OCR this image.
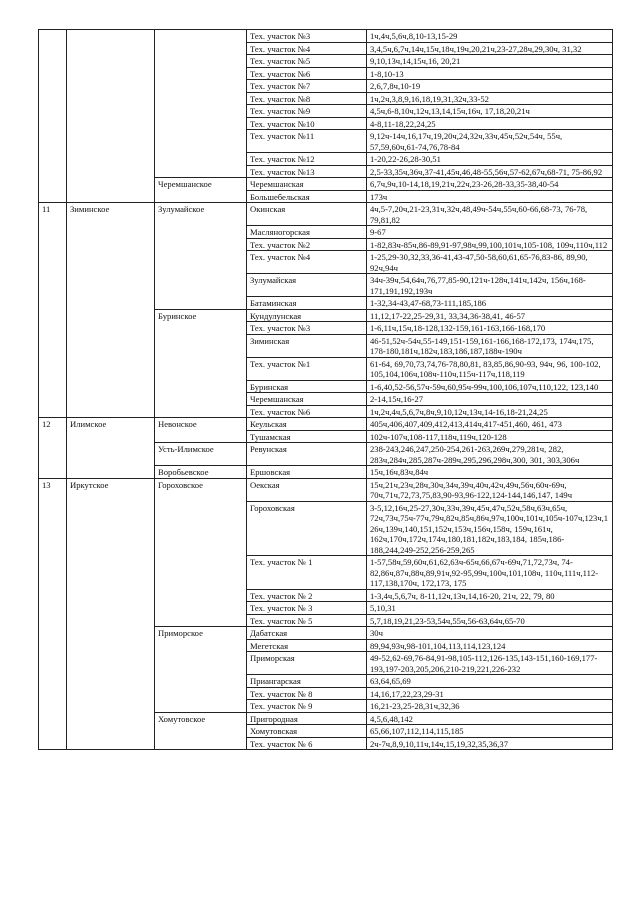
			Тех. участок №3	1ч,4ч,5,6ч,8,10-13,15-29
			Тех. участок №4	3,4,5ч,6,7ч,14ч,15ч,18ч,19ч,20,21ч,23-27,28ч,29,30ч, 31,32
			Тех. участок №5	9,10,13ч,14,15ч,16, 20,21
			Тех. участок №6	1-8,10-13
			Тех. участок №7	2,6,7,8ч,10-19
			Тех. участок №8	1ч,2ч,3,8,9,16,18,19,31,32ч,33-52
			Тех. участок №9	4,5ч,6-8,10ч,12ч,13,14,15ч,16ч, 17,18,20,21ч
			Тех. участок №10	4-8,11-18,22,24,25
			Тех. участок №11	9,12ч-14ч,16,17ч,19,20ч,24,32ч,33ч,45ч,52ч,54ч, 55ч, 57,59,60ч,61-74,76,78-84
			Тех. участок №12	1-20,22-26,28-30,51
			Тех. участок №13	2,5-33,35ч,36ч,37-41,45ч,46,48-55,56ч,57-62,67ч,68-71, 75-86,92
		Черемшанское	Черемшанская	6,7ч,9ч,10-14,18,19,21ч,22ч,23-26,28-33,35-38,40-54
			Большебельская	173ч
11	Зиминское	Зулумайское	Окинская	4ч,5-7,20ч,21-23,31ч,32ч,48,49ч-54ч,55ч,60-66,68-73, 76-78, 79,81,82
			Масляногорская	9-67
			Тех. участок №2	1-82,83ч-85ч,86-89,91-97,98ч,99,100,101ч,105-108, 109ч,110ч,112
			Тех. участок №4	1-25,29-30,32,33,36-41,43-47,50-58,60,61,65-76,83-86, 89,90, 92ч,94ч
			Зулумайская	34ч-39ч,54,64ч,76,77,85-90,121ч-128ч,141ч,142ч, 156ч,168-171,191,192,193ч
			Батаминская	1-32,34-43,47-68,73-111,185,186
		Буринское	Кундулунская	11,12,17-22,25-29,31, 33,34,36-38,41, 46-57
			Тех. участок №3	1-6,11ч,15ч,18-128,132-159,161-163,166-168,170
			Зиминская	46-51,52ч-54ч,55-149,151-159,161-166,168-172,173, 174ч,175, 178-180,181ч,182ч,183,186,187,188ч-190ч
			Тех. участок №1	61-64, 69,70,73,74,76-78,80,81, 83,85,86,90-93, 94ч, 96, 100-102, 105,104,106ч,108ч-110ч,115ч-117ч,118,119
			Буринская	1-6,40,52-56,57ч-59ч,60,95ч-99ч,100,106,107ч,110,122, 123,140
			Черемшанская	2-14,15ч,16-27
			Тех. участок №6	1ч,2ч,4ч,5,6,7ч,8ч,9,10,12ч,13ч,14-16,18-21,24,25
12	Илимское	Невонское	Кеульская	405ч,406,407,409,412,413,414ч,417-451,460, 461, 473
			Тушамская	102ч-107ч,108-117,118ч,119ч,120-128
		Усть-Илимское	Ревунская	238-243,246,247,250-254,261-263,269ч,279,281ч, 282, 283ч,284ч,285,287ч-289ч,295,296,298ч,300, 301, 303,306ч
		Воробьевское	Ершовская	15ч,16ч,83ч,84ч
13	Иркутское	Гороховское	Оекская	15ч,21ч,23ч,28ч,30ч,34ч,39ч,40ч,42ч,49ч,56ч,60ч-69ч, 70ч,71ч,72,73,75,83,90-93,96-122,124-144,146,147, 149ч
			Гороховская	3-5,12,16ч,25-27,30ч,33ч,39ч,45ч,47ч,52ч,58ч,63ч,65ч, 72ч,73ч,75ч-77ч,79ч,82ч,85ч,86ч,97ч,100ч,101ч,105ч-107ч,123ч,126ч,139ч,140,151,152ч,153ч,156ч,158ч, 159ч,161ч, 162ч,170ч,172ч,174ч,180,181,182ч,183,184, 185ч,186-188,244,249-252,256-259,265
			Тех. участок № 1	1-57,58ч,59,60ч,61,62,63ч-65ч,66,67ч-69ч,71,72,73ч, 74-82,86ч,87ч,88ч,89,91ч,92-95,99ч,100ч,101,108ч, 110ч,111ч,112-117,138,170ч, 172,173, 175
			Тех. участок № 2	1-3,4ч,5,6,7ч, 8-11,12ч,13ч,14,16-20, 21ч, 22, 79, 80
			Тех. участок № 3	5,10,31
			Тех. участок № 5	5,7,18,19,21,23-53,54ч,55ч,56-63,64ч,65-70
		Приморское	Дабатская	30ч
			Мегетская	89,94,93ч,98-101,104,113,114,123,124
			Приморская	49-52,62-69,76-84,91-98,105-112,126-135,143-151,160-169,177-193,197-203,205,206,210-219,221,226-232
			Приангарская	63,64,65,69
			Тех. участок № 8	14,16,17,22,23,29-31
			Тех. участок № 9	16,21-23,25-28,31ч,32,36
		Хомутовское	Пригородная	4,5,6,48,142
			Хомутовская	65,66,107,112,114,115,185
			Тех. участок № 6	2ч-7ч,8,9,10,11ч,14ч,15,19,32,35,36,37
